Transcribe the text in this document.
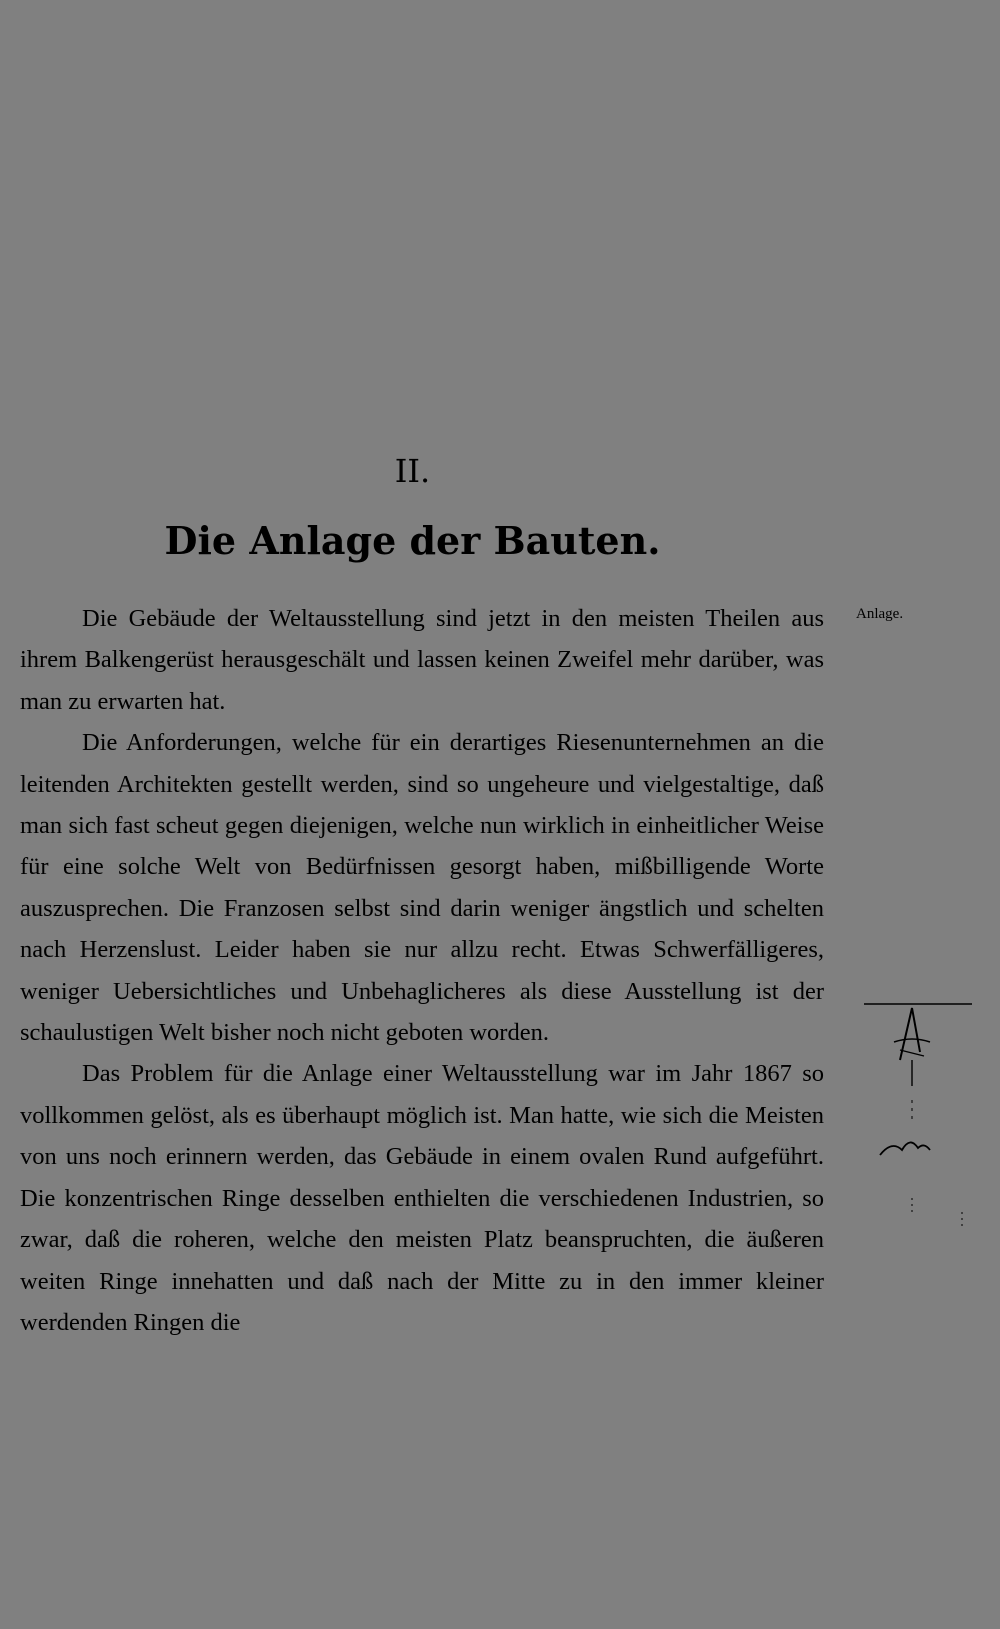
II.
Die Anlage der Bauten.
Anlage.

Die Gebäude der Weltausstellung sind jetzt in den meisten Theilen aus ihrem Balkengerüst herausgeschält und lassen keinen Zweifel mehr darüber, was man zu erwarten hat.

Die Anforderungen, welche für ein derartiges Riesenunternehmen an die leitenden Architekten gestellt werden, sind so ungeheure und vielgestaltige, daß man sich fast scheut gegen diejenigen, welche nun wirklich in einheitlicher Weise für eine solche Welt von Bedürfnissen gesorgt haben, mißbilligende Worte auszusprechen. Die Franzosen selbst sind darin weniger ängstlich und schelten nach Herzenslust. Leider haben sie nur allzu recht. Etwas Schwerfälligeres, weniger Uebersichtliches und Unbehaglicheres als diese Ausstellung ist der schaulustigen Welt bisher noch nicht geboten worden.

Das Problem für die Anlage einer Weltausstellung war im Jahr 1867 so vollkommen gelöst, als es überhaupt möglich ist. Man hatte, wie sich die Meisten von uns noch erinnern werden, das Gebäude in einem ovalen Rund aufgeführt. Die konzentrischen Ringe desselben enthielten die verschiedenen Industrien, so zwar, daß die roheren, welche den meisten Platz beanspruchten, die äußeren weiten Ringe innehatten und daß nach der Mitte zu in den immer kleiner werdenden Ringen die
